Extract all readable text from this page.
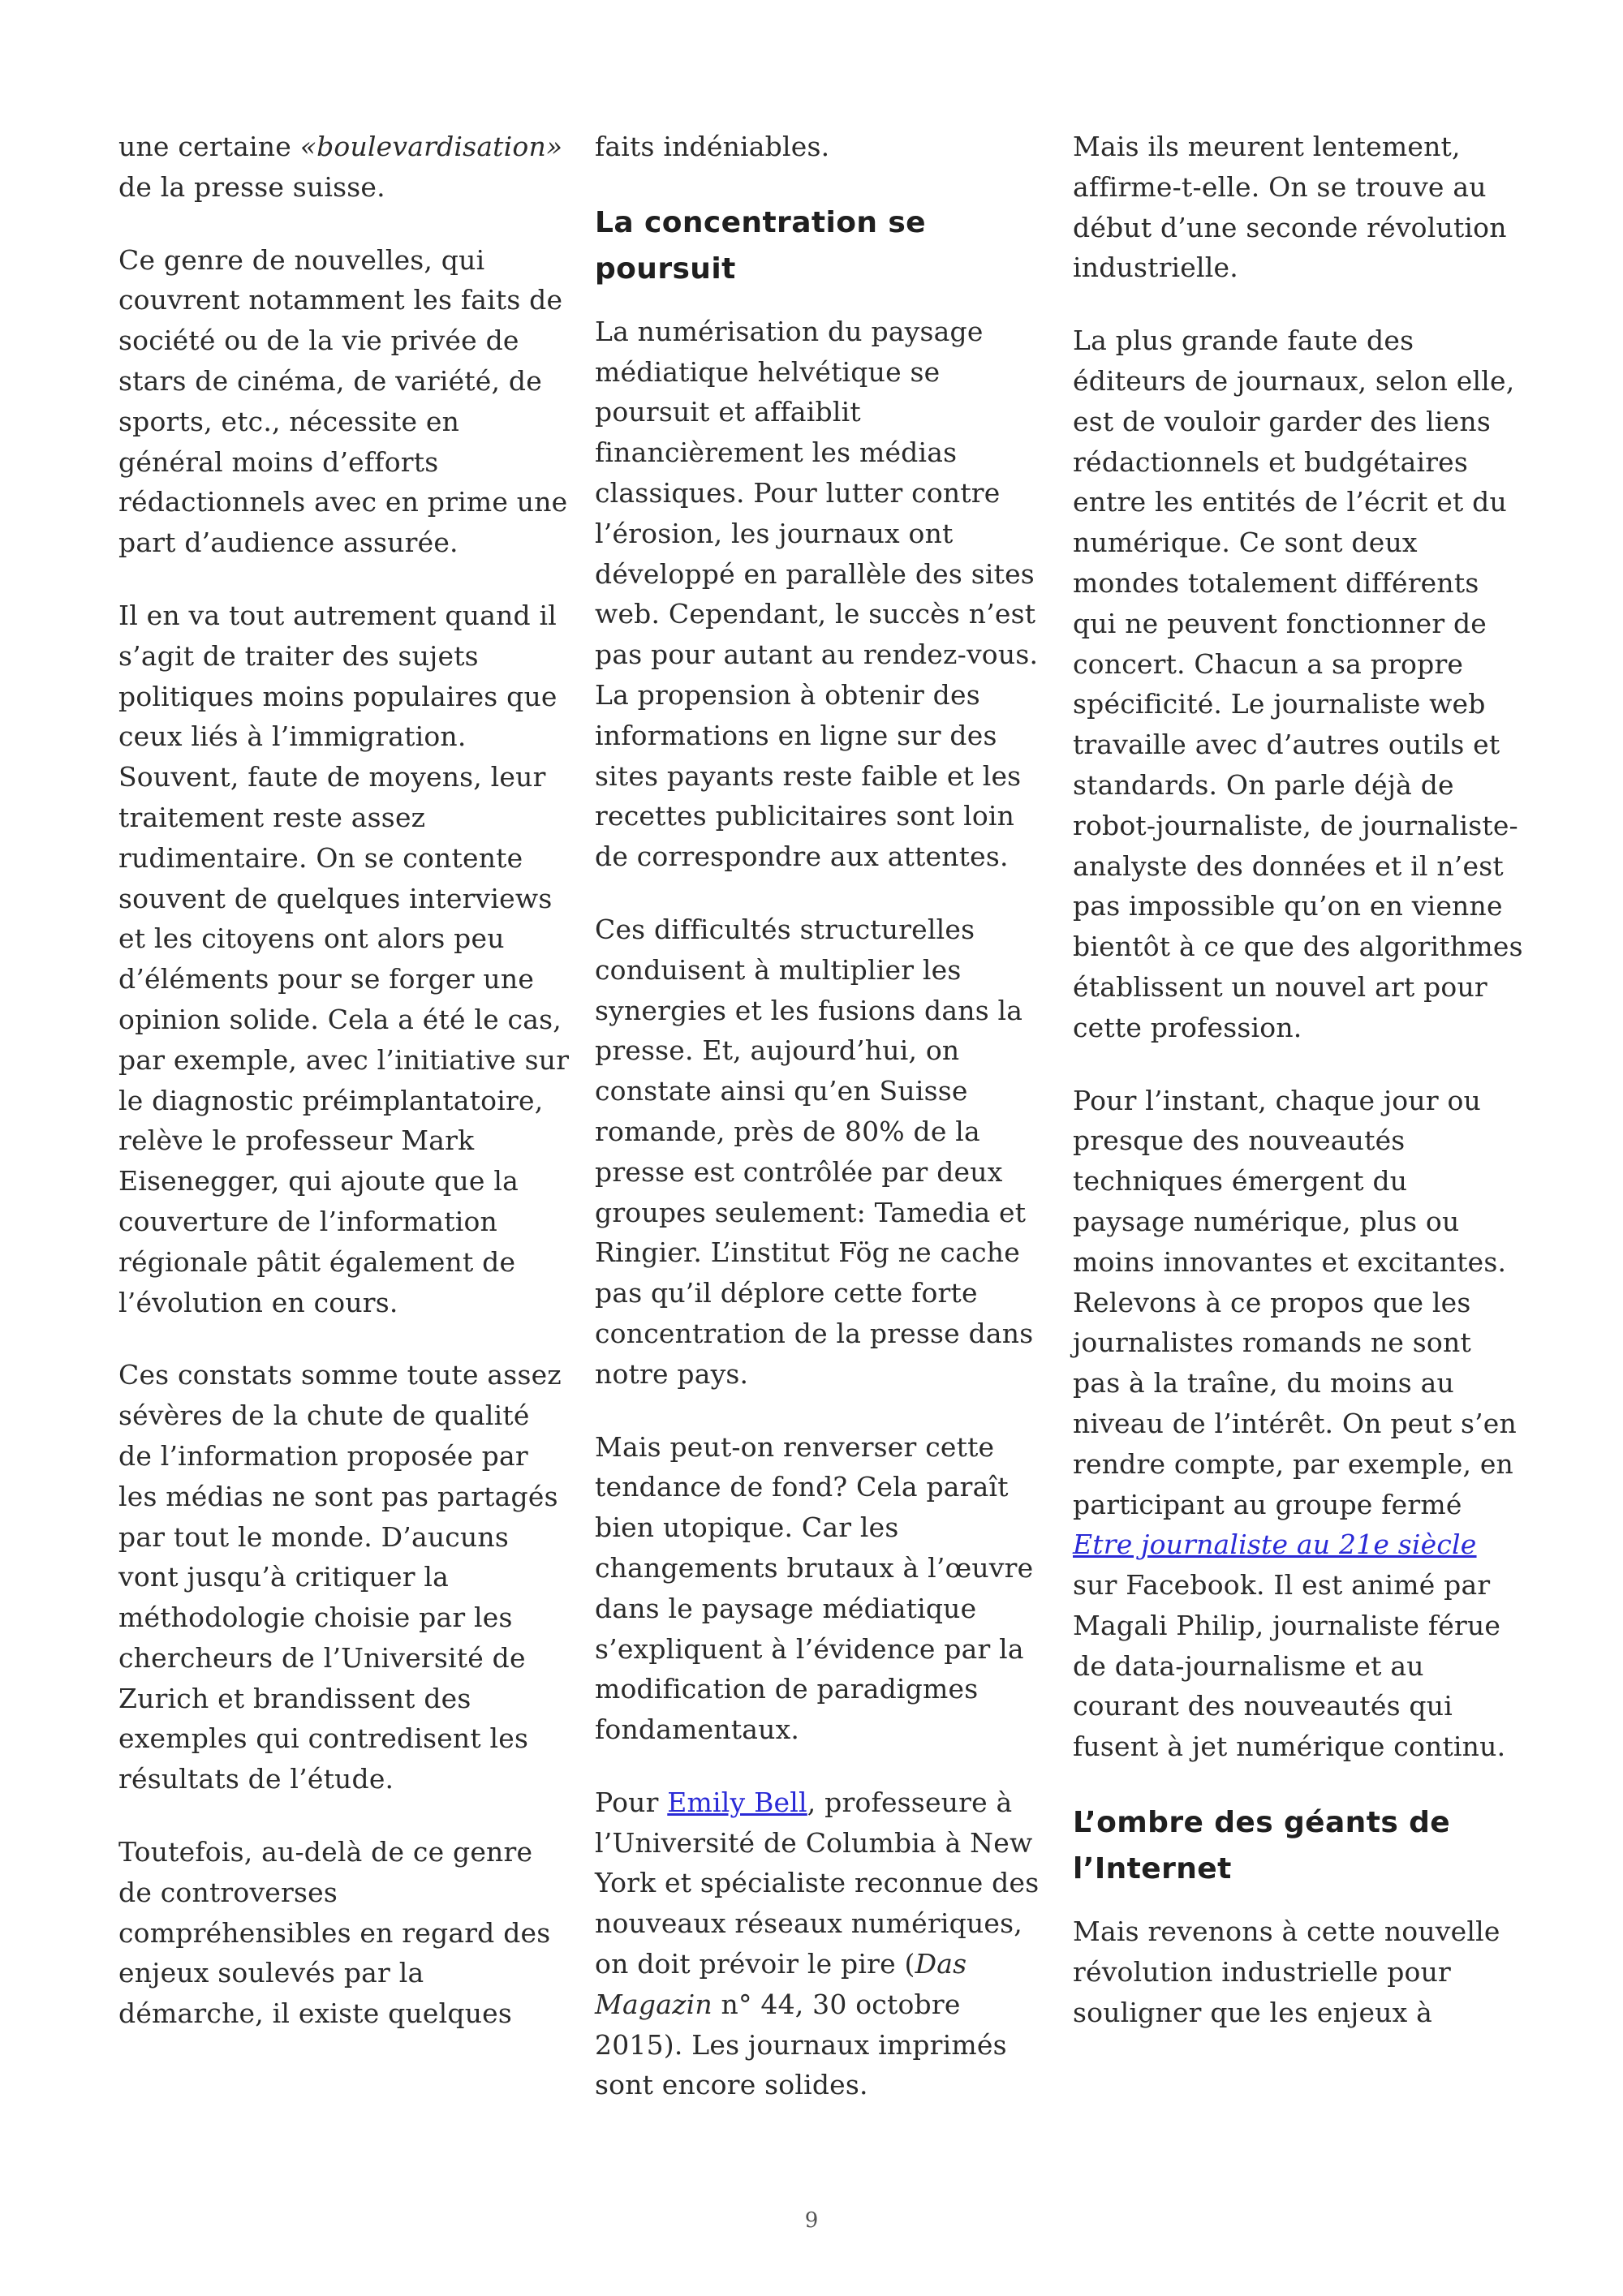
une certaine «boulevardisation» de la presse suisse.

Ce genre de nouvelles, qui couvrent notamment les faits de société ou de la vie privée de stars de cinéma, de variété, de sports, etc., nécessite en général moins d’efforts rédactionnels avec en prime une part d’audience assurée.

Il en va tout autrement quand il s’agit de traiter des sujets politiques moins populaires que ceux liés à l’immigration. Souvent, faute de moyens, leur traitement reste assez rudimentaire. On se contente souvent de quelques interviews et les citoyens ont alors peu d’éléments pour se forger une opinion solide. Cela a été le cas, par exemple, avec l’initiative sur le diagnostic préimplantatoire, relève le professeur Mark Eisenegger, qui ajoute que la couverture de l’information régionale pâtit également de l’évolution en cours.

Ces constats somme toute assez sévères de la chute de qualité de l’information proposée par les médias ne sont pas partagés par tout le monde. D’aucuns vont jusqu’à critiquer la méthodologie choisie par les chercheurs de l’Université de Zurich et brandissent des exemples qui contredisent les résultats de l’étude.

Toutefois, au-delà de ce genre de controverses compréhensibles en regard des enjeux soulevés par la démarche, il existe quelques

faits indéniables.

La concentration se poursuit

La numérisation du paysage médiatique helvétique se poursuit et affaiblit financièrement les médias classiques. Pour lutter contre l’érosion, les journaux ont développé en parallèle des sites web. Cependant, le succès n’est pas pour autant au rendez-vous. La propension à obtenir des informations en ligne sur des sites payants reste faible et les recettes publicitaires sont loin de correspondre aux attentes.

Ces difficultés structurelles conduisent à multiplier les synergies et les fusions dans la presse. Et, aujourd’hui, on constate ainsi qu’en Suisse romande, près de 80% de la presse est contrôlée par deux groupes seulement: Tamedia et Ringier. L’institut Fög ne cache pas qu’il déplore cette forte concentration de la presse dans notre pays.

Mais peut-on renverser cette tendance de fond? Cela paraît bien utopique. Car les changements brutaux à l’œuvre dans le paysage médiatique s’expliquent à l’évidence par la modification de paradigmes fondamentaux.

Pour Emily Bell, professeure à l’Université de Columbia à New York et spécialiste reconnue des nouveaux réseaux numériques, on doit prévoir le pire (Das Magazin n° 44, 30 octobre 2015). Les journaux imprimés sont encore solides.

Mais ils meurent lentement, affirme-t-elle. On se trouve au début d’une seconde révolution industrielle.

La plus grande faute des éditeurs de journaux, selon elle, est de vouloir garder des liens rédactionnels et budgétaires entre les entités de l’écrit et du numérique. Ce sont deux mondes totalement différents qui ne peuvent fonctionner de concert. Chacun a sa propre spécificité. Le journaliste web travaille avec d’autres outils et standards. On parle déjà de robot-journaliste, de journaliste-analyste des données et il n’est pas impossible qu’on en vienne bientôt à ce que des algorithmes établissent un nouvel art pour cette profession.

Pour l’instant, chaque jour ou presque des nouveautés techniques émergent du paysage numérique, plus ou moins innovantes et excitantes. Relevons à ce propos que les journalistes romands ne sont pas à la traîne, du moins au niveau de l’intérêt. On peut s’en rendre compte, par exemple, en participant au groupe fermé Etre journaliste au 21e siècle sur Facebook. Il est animé par Magali Philip, journaliste férue de data-journalisme et au courant des nouveautés qui fusent à jet numérique continu.

L’ombre des géants de l’Internet

Mais revenons à cette nouvelle révolution industrielle pour souligner que les enjeux à

9
